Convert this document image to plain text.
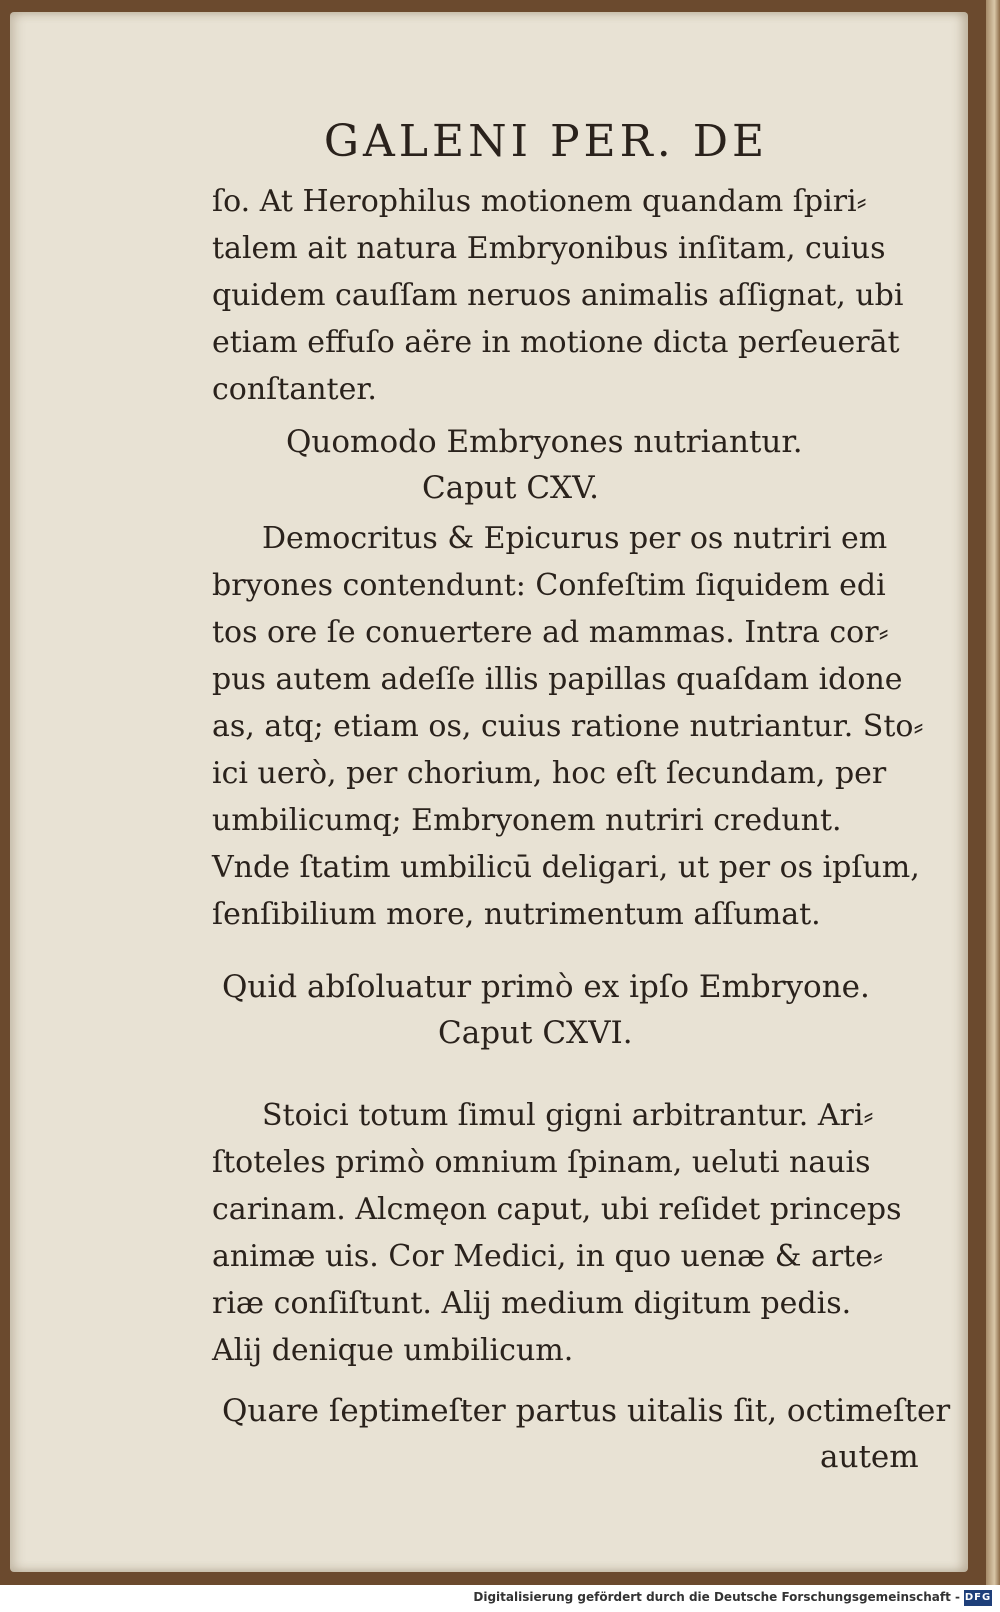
GALENI PER. DE
ſo. At Herophilus motionem quandam ſpiri⸗
talem ait natura Embryonibus inſitam, cuius
quidem cauſſam neruos animalis aſſignat, ubi
etiam effuſo aëre in motione dicta perſeuerāt
conſtanter.
Quomodo Embryones nutriantur.
Caput CXV.
Democritus & Epicurus per os nutriri em
bryones contendunt: Confeſtim ſiquidem edi
tos ore ſe conuertere ad mammas. Intra cor⸗
pus autem adeſſe illis papillas quaſdam idone
as, atq; etiam os, cuius ratione nutriantur. Sto⸗
ici uerò, per chorium, hoc eſt ſecundam, per
umbilicumq; Embryonem nutriri credunt.
Vnde ſtatim umbilicū deligari, ut per os ipſum,
ſenſibilium more, nutrimentum aſſumat.
Quid abſoluatur primò ex ipſo Embryone.
Caput CXVI.
Stoici totum ſimul gigni arbitrantur. Ari⸗
ſtoteles primò omnium ſpinam, ueluti nauis
carinam. Alcmęon caput, ubi reſidet princeps
animæ uis. Cor Medici, in quo uenæ & arte⸗
riæ conſiſtunt. Alij medium digitum pedis.
Alij denique umbilicum.
Quare ſeptimeſter partus uitalis ſit, octimeſter
autem
Digitalisierung gefördert durch die Deutsche Forschungsgemeinschaft - DFG
